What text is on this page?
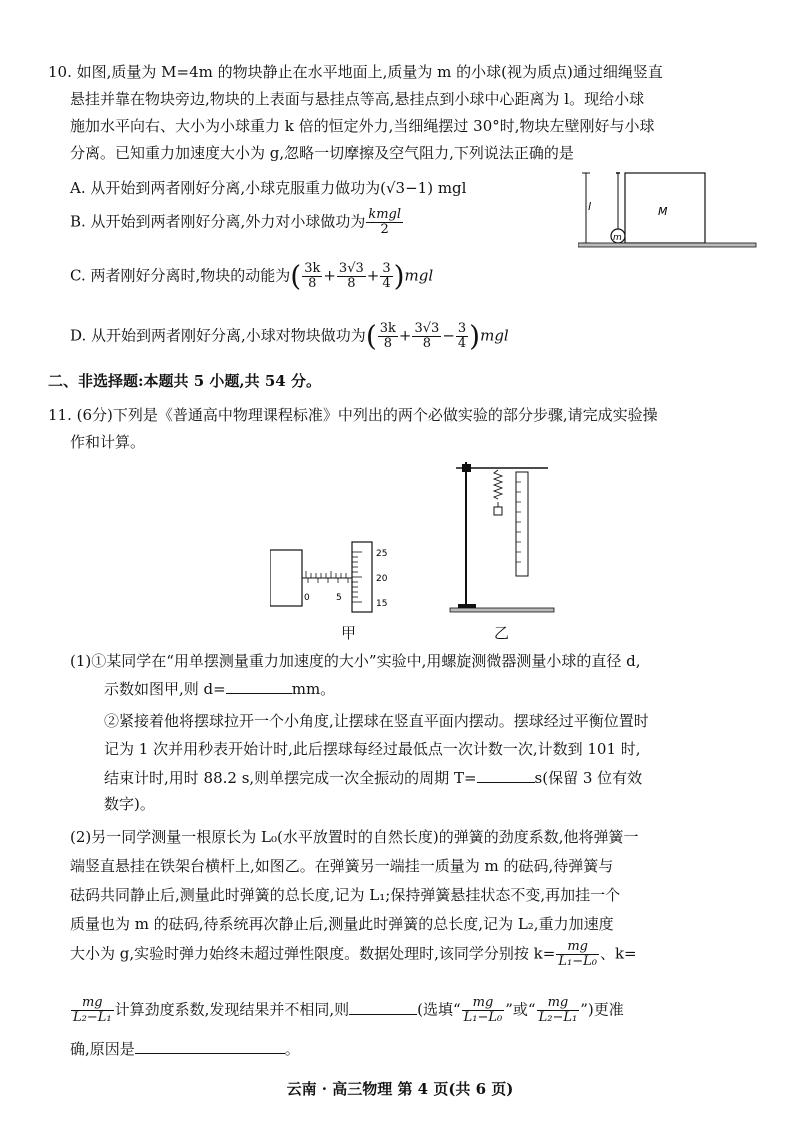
10. 如图,质量为 M=4m 的物块静止在水平地面上,质量为 m 的小球(视为质点)通过细绳竖直
悬挂并靠在物块旁边,物块的上表面与悬挂点等高,悬挂点到小球中心距离为 l。现给小球
施加水平向右、大小为小球重力 k 倍的恒定外力,当细绳摆过 30°时,物块左壁刚好与小球
分离。已知重力加速度大小为 g,忽略一切摩擦及空气阻力,下列说法正确的是
A. 从开始到两者刚好分离,小球克服重力做功为(√3−1) mgl
B. 从开始到两者刚好分离,外力对小球做功为 $\frac{\text{kmgl}}{2}$
C. 两者刚好分离时,物块的动能为( $\frac{3k}{8} + \frac{3√3}{8} + \frac{3}{4} )mgl$
D. 从开始到两者刚好分离,小球对物块做功为( $\frac{3k}{8} + \frac{3√3}{8} - \frac{3}{4} )mgl$
l
m
M
二、非选择题:本题共 5 小题,共 54 分。
11. (6分)下列是《普通高中物理课程标准》中列出的两个必做实验的部分步骤,请完成实验操
作和计算。
0	5
25
20
15
甲	乙
(1)①某同学在“用单摆测量重力加速度的大小”实验中,用螺旋测微器测量小球的直径 d,
示数如图甲,则 d=	mm。
②紧接着他将摆球拉开一个小角度,让摆球在竖直平面内摆动。摆球经过平衡位置时
记为 1 次并用秒表开始计时,此后摆球每经过最低点一次计数一次,计数到 101 时,
结束计时,用时 88.2 s,则单摆完成一次全振动的周期 T=	s(保留 3 位有效
数字)。
(2)另一同学测量一根原长为 L₀(水平放置时的自然长度)的弹簧的劲度系数,他将弹簧一
端竖直悬挂在铁架台横杆上,如图乙。在弹簧另一端挂一质量为 m 的砝码,待弹簧与
砝码共同静止后,测量此时弹簧的总长度,记为 L₁;保持弹簧悬挂状态不变,再加挂一个
质量也为 m 的砝码,待系统再次静止后,测量此时弹簧的总长度,记为 L₂,重力加速度
大小为 g,实验时弹力始终未超过弹性限度。数据处理时,该同学分别按 $k= \frac{mg}{\text{L₁−L₀}}$ 、k=
$\frac{mg}{\text{L₂−L₁}}$ 计算劲度系数,发现结果并不相同,则	(选填“ $\frac{mg}{\text{L₁−L₀}}$ ”或“ $\frac{mg}{\text{L₂−L₁}}$ ”)更准
确,原因是	。
云南 · 高三物理 第 4 页(共 6 页)
